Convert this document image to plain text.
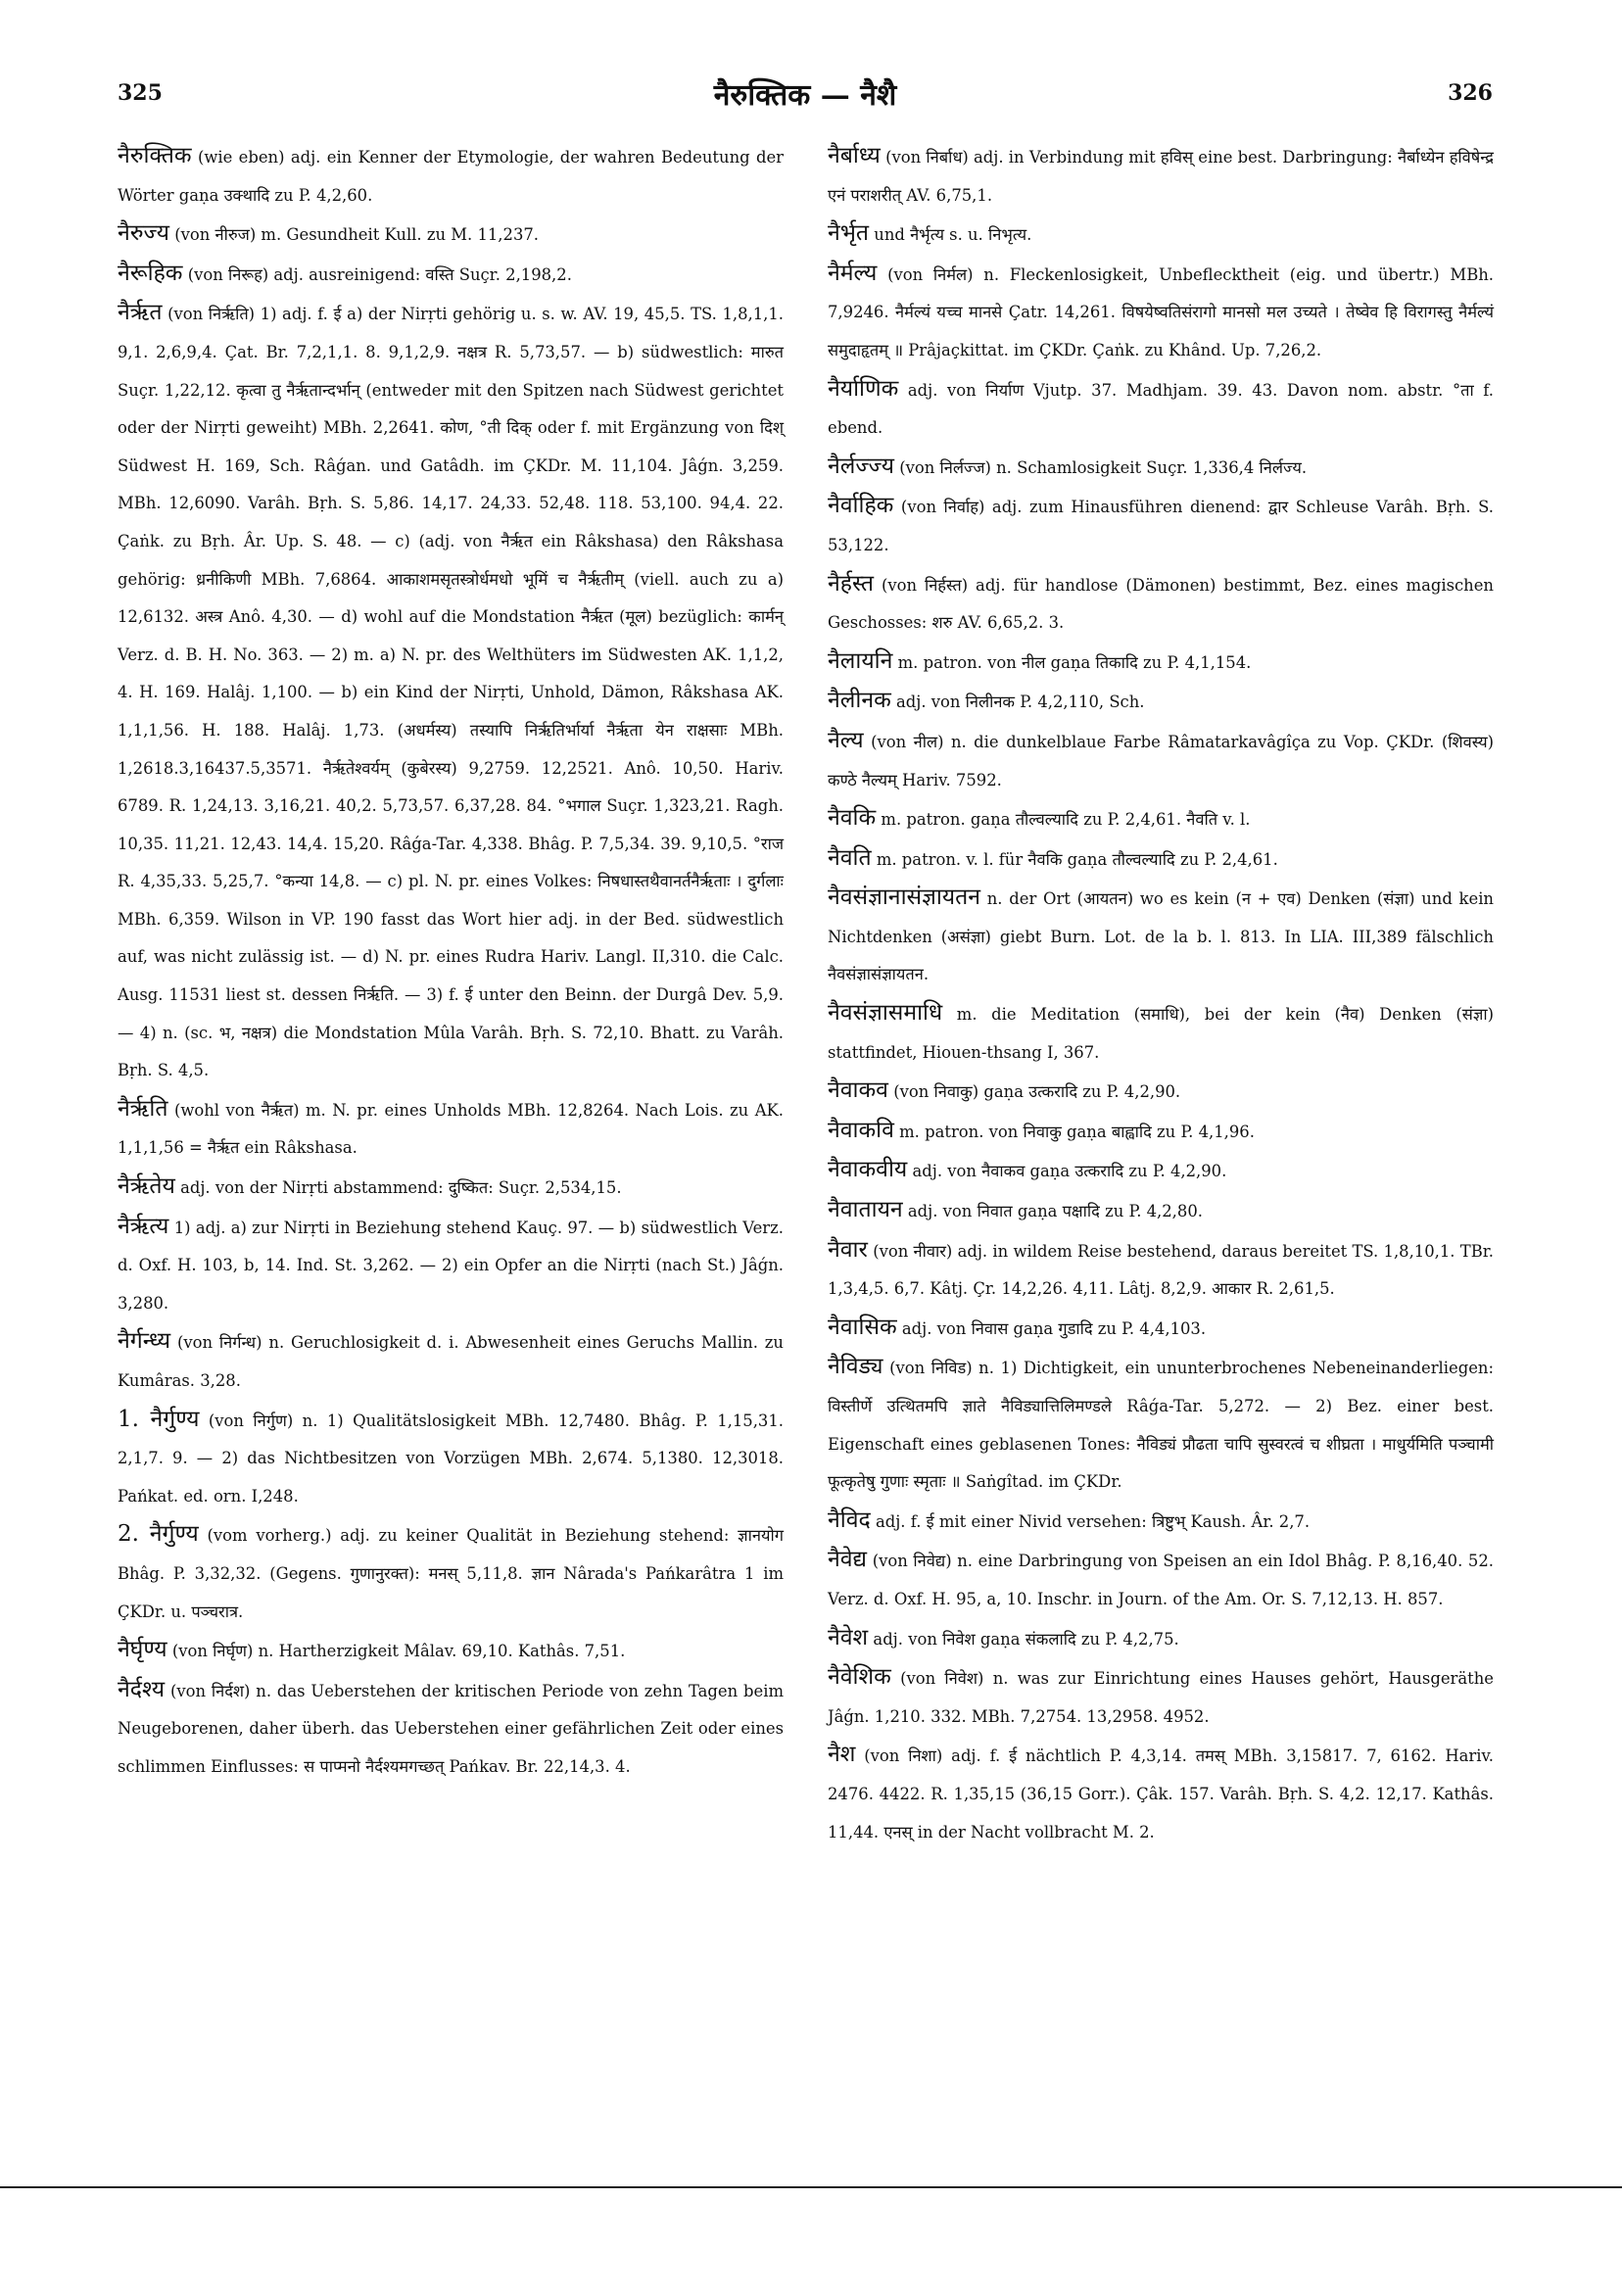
325	नैरुक्तिक — नैशै	326

नैरुक्तिक (wie eben) adj. ein Kenner der Etymologie, der wahren Bedeutung der Wörter gaṇa उक्थादि zu P. 4,2,60.

नैरुज्य (von नीरुज) m. Gesundheit Kull. zu M. 11,237.

नैरूहिक (von निरूह) adj. ausreinigend: वस्ति Suçr. 2,198,2.

नैर्ऋत (von निर्ऋति) 1) adj. f. ई a) der Nirṛti gehörig u. s. w. AV. 19, 45,5. TS. 1,8,1,1. 9,1. 2,6,9,4. Çat. Br. 7,2,1,1. 8. 9,1,2,9. नक्षत्र R. 5,73,57. — b) südwestlich: मारुत Suçr. 1,22,12. कृत्वा तु नैर्ऋतान्दर्भान् (entweder mit den Spitzen nach Südwest gerichtet oder der Nirṛti geweiht) MBh. 2,2641. कोण, °ती दिक् oder f. mit Ergänzung von दिश् Südwest H. 169, Sch. Râǵan. und Gatâdh. im ÇKDr. M. 11,104. Jâǵn. 3,259. MBh. 12,6090. Varâh. Bṛh. S. 5,86. 14,17. 24,33. 52,48. 118. 53,100. 94,4. 22. Çaṅk. zu Bṛh. Âr. Up. S. 48. — c) (adj. von नैर्ऋत ein Râkshasa) den Râkshasa gehörig: ध्रनीकिणी MBh. 7,6864. आकाशमसृतस्त्रोर्धमधो भूमिं च नैर्ऋतीम् (viell. auch zu a) 12,6132. अस्त्र Anô. 4,30. — d) wohl auf die Mondstation नैर्ऋत (मूल) bezüglich: कार्मन् Verz. d. B. H. No. 363. — 2) m. a) N. pr. des Welthüters im Südwesten AK. 1,1,2, 4. H. 169. Halâj. 1,100. — b) ein Kind der Nirṛti, Unhold, Dämon, Râkshasa AK. 1,1,1,56. H. 188. Halâj. 1,73. (अधर्मस्य) तस्यापि निर्ऋतिर्भार्या नैर्ऋता येन राक्षसाः MBh. 1,2618.3,16437.5,3571. नैर्ऋतेश्वर्यम् (कुबेरस्य) 9,2759. 12,2521. Anô. 10,50. Hariv. 6789. R. 1,24,13. 3,16,21. 40,2. 5,73,57. 6,37,28. 84. °भगाल Suçr. 1,323,21. Ragh. 10,35. 11,21. 12,43. 14,4. 15,20. Râǵa-Tar. 4,338. Bhâg. P. 7,5,34. 39. 9,10,5. °राज R. 4,35,33. 5,25,7. °कन्या 14,8. — c) pl. N. pr. eines Volkes: निषधास्तथैवानर्तनैर्ऋताः । दुर्गलाः MBh. 6,359. Wilson in VP. 190 fasst das Wort hier adj. in der Bed. südwestlich auf, was nicht zulässig ist. — d) N. pr. eines Rudra Hariv. Langl. II,310. die Calc. Ausg. 11531 liest st. dessen निर्ऋति. — 3) f. ई unter den Beinn. der Durgâ Dev. 5,9. — 4) n. (sc. भ, नक्षत्र) die Mondstation Mûla Varâh. Bṛh. S. 72,10. Bhatt. zu Varâh. Bṛh. S. 4,5.

नैर्ऋति (wohl von नैर्ऋत) m. N. pr. eines Unholds MBh. 12,8264. Nach Lois. zu AK. 1,1,1,56 = नैर्ऋत ein Râkshasa.

नैर्ऋतेय adj. von der Nirṛti abstammend: दुष्कित: Suçr. 2,534,15.

नैर्ऋत्य 1) adj. a) zur Nirṛti in Beziehung stehend Kauç. 97. — b) südwestlich Verz. d. Oxf. H. 103, b, 14. Ind. St. 3,262. — 2) ein Opfer an die Nirṛti (nach St.) Jâǵn. 3,280.

नैर्गन्ध्य (von निर्गन्ध) n. Geruchlosigkeit d. i. Abwesenheit eines Geruchs Mallin. zu Kumâras. 3,28.

1. नैर्गुण्य (von निर्गुण) n. 1) Qualitätslosigkeit MBh. 12,7480. Bhâg. P. 1,15,31. 2,1,7. 9. — 2) das Nichtbesitzen von Vorzügen MBh. 2,674. 5,1380. 12,3018. Pańkat. ed. orn. I,248.

2. नैर्गुण्य (vom vorherg.) adj. zu keiner Qualität in Beziehung stehend: ज्ञानयोग Bhâg. P. 3,32,32. (Gegens. गुणानुरक्त): मनस् 5,11,8. ज्ञान Nârada's Pańkarâtra 1 im ÇKDr. u. पञ्चरात्र.

नैर्घृण्य (von निर्घृण) n. Hartherzigkeit Mâlav. 69,10. Kathâs. 7,51.

नैर्दश्य (von निर्दश) n. das Ueberstehen der kritischen Periode von zehn Tagen beim Neugeborenen, daher überh. das Ueberstehen einer gefährlichen Zeit oder eines schlimmen Einflusses: स पाप्मनो नैर्दश्यमगच्छत् Pańkav. Br. 22,14,3. 4.

नैर्बाध्य (von निर्बाध) adj. in Verbindung mit हविस् eine best. Darbringung: नैर्बाध्येन हविषेन्द्र एनं पराशरीत् AV. 6,75,1.

नैर्भृत und नैर्भृत्य s. u. निभृत्य.

नैर्मल्य (von निर्मल) n. Fleckenlosigkeit, Unbeflecktheit (eig. und übertr.) MBh. 7,9246. नैर्मल्यं यच्च मानसे Çatr. 14,261. विषयेष्वतिसंरागो मानसो मल उच्यते । तेष्वेव हि विरागस्तु नैर्मल्यं समुदाहृतम् ॥ Prâjaçkittat. im ÇKDr. Çaṅk. zu Khând. Up. 7,26,2.

नैर्याणिक adj. von निर्याण Vjutp. 37. Madhjam. 39. 43. Davon nom. abstr. °ता f. ebend.

नैर्लज्ज्य (von निर्लज्ज) n. Schamlosigkeit Suçr. 1,336,4 निर्लज्य.

नैर्वाहिक (von निर्वाह) adj. zum Hinausführen dienend: द्वार Schleuse Varâh. Bṛh. S. 53,122.

नैर्हस्त (von निर्हस्त) adj. für handlose (Dämonen) bestimmt, Bez. eines magischen Geschosses: शरु AV. 6,65,2. 3.

नैलायनि m. patron. von नील gaṇa तिकादि zu P. 4,1,154.

नैलीनक adj. von निलीनक P. 4,2,110, Sch.

नैल्य (von नील) n. die dunkelblaue Farbe Râmatarkavâgîça zu Vop. ÇKDr. (शिवस्य) कण्ठे नैल्यम् Hariv. 7592.

नैवकि m. patron. gaṇa तौल्वल्यादि zu P. 2,4,61. नैवति v. l.

नैवति m. patron. v. l. für नैवकि gaṇa तौल्वल्यादि zu P. 2,4,61.

नैवसंज्ञानासंज्ञायतन n. der Ort (आयतन) wo es kein (न + एव) Denken (संज्ञा) und kein Nichtdenken (असंज्ञा) giebt Burn. Lot. de la b. l. 813. In LIA. III,389 fälschlich नैवसंज्ञासंज्ञायतन.

नैवसंज्ञासमाधि m. die Meditation (समाधि), bei der kein (नैव) Denken (संज्ञा) stattfindet, Hiouen-thsang I, 367.

नैवाकव (von निवाकु) gaṇa उत्करादि zu P. 4,2,90.

नैवाकवि m. patron. von निवाकु gaṇa बाह्वादि zu P. 4,1,96.

नैवाकवीय adj. von नैवाकव gaṇa उत्करादि zu P. 4,2,90.

नैवातायन adj. von निवात gaṇa पक्षादि zu P. 4,2,80.

नैवार (von नीवार) adj. in wildem Reise bestehend, daraus bereitet TS. 1,8,10,1. TBr. 1,3,4,5. 6,7. Kâtj. Çr. 14,2,26. 4,11. Lâtj. 8,2,9. आकार R. 2,61,5.

नैवासिक adj. von निवास gaṇa गुडादि zu P. 4,4,103.

नैविड्य (von निविड) n. 1) Dichtigkeit, ein ununterbrochenes Nebeneinanderliegen: विस्तीर्णे उत्थितमपि ज्ञाते नैविड्यात्तिलिमण्डले Râǵa-Tar. 5,272. — 2) Bez. einer best. Eigenschaft eines geblasenen Tones: नैविड्यं प्रौढता चापि सुस्वरत्वं च शीघ्रता । माधुर्यमिति पञ्चामी फूत्कृतेषु गुणाः स्मृताः ॥ Saṅgîtad. im ÇKDr.

नैविद adj. f. ई mit einer Nivid versehen: त्रिष्टुभ् Kaush. Âr. 2,7.

नैवेद्य (von निवेद्य) n. eine Darbringung von Speisen an ein Idol Bhâg. P. 8,16,40. 52. Verz. d. Oxf. H. 95, a, 10. Inschr. in Journ. of the Am. Or. S. 7,12,13. H. 857.

नैवेश adj. von निवेश gaṇa संकलादि zu P. 4,2,75.

नैवेशिक (von निवेश) n. was zur Einrichtung eines Hauses gehört, Hausgeräthe Jâǵn. 1,210. 332. MBh. 7,2754. 13,2958. 4952.

नैश (von निशा) adj. f. ई nächtlich P. 4,3,14. तमस् MBh. 3,15817. 7, 6162. Hariv. 2476. 4422. R. 1,35,15 (36,15 Gorr.). Çâk. 157. Varâh. Bṛh. S. 4,2. 12,17. Kathâs. 11,44. एनस् in der Nacht vollbracht M. 2.
